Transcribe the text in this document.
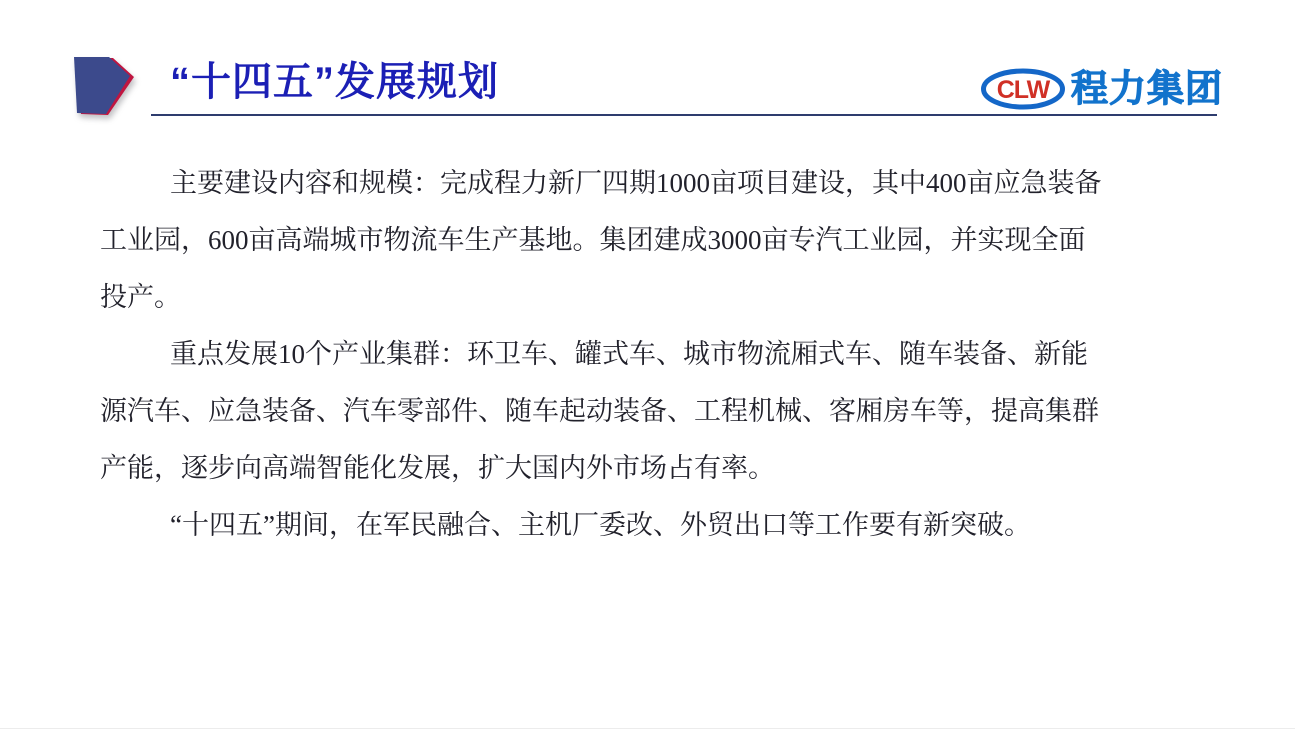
“十四五”发展规划	CLW 程力集团
主要建设内容和规模：完成程力新厂四期1000亩项目建设，其中400亩应急装备
工业园，600亩高端城市物流车生产基地。集团建成3000亩专汽工业园，并实现全面
投产。
重点发展10个产业集群：环卫车、罐式车、城市物流厢式车、随车装备、新能
源汽车、应急装备、汽车零部件、随车起动装备、工程机械、客厢房车等，提高集群
产能，逐步向高端智能化发展，扩大国内外市场占有率。
“十四五”期间，在军民融合、主机厂委改、外贸出口等工作要有新突破。
